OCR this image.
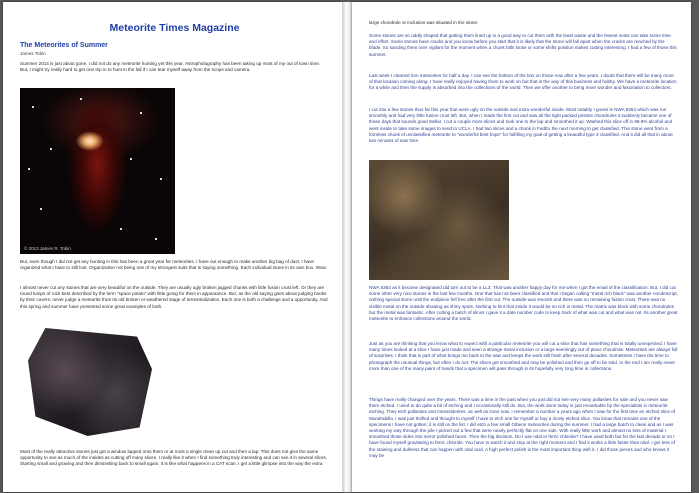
Meteorite Times Magazine
The Meteorites of Summer
James Tobin

Summer 2014 is just about gone. I did not do any meteorite hunting yet this year. Astrophotography has been taking up most of my out of town time. But, I might try really hard to get one trip in to hunt in the fall if I can tear myself away from the scope and camera.

© 2013 James R. Tobin

But, even though I did not get any hunting in this has been a great year for meteorites. I have out enough to make another big bag of dust. I have organized what I have to still lost. Organization not being one of my strongest suits that is saying something. Each individual stone in its own box. Wow.

I almost never cut any stones that are very beautiful on the outside. They are usually ugly broken jagged chunks with little fusion crust left. Or they are round lumps of rock best described by the term “space potato” with little going for them in appearance. But, as the old saying goes about judging books by their covers, never judge a meteorite from its old broken or weathered stage of terrestrialization. Each one is both a challenge and a opportunity. And this spring and summer have presented some great examples of both.

Most of the really attractive stones just get a window lapped onto them or at most a single clean up cut and then a lap. This does not give the same opportunity to see as much of the insides as cutting off many slices. I really like it when I find something truly interesting and can see it in several slices. Starting small and growing and then diminishing back to small again. It is like what happens in a CAT scan. I get a little glimpse into the way the extra

large chondrule or inclusion was situated in the stone.

Some stones are so oddly shaped that getting them lined up in a good way to cut them with the least waste and the fewest nests can take some time and effort. Some stones have cracks and you know before you start that it is likely that the stone will fall apart when the cracks are reached by the blade. So sanding them over vigilant for the moment when a chunk falls loose or some shifts position makes cutting interesting. I had a few of those this summer.

Last week I cleaned iron meteorites for half a day. I can see the bottom of the box on those now after a few years. I doubt that there will be many more of that location coming along. I have really enjoyed having them to work on but that is the way of this business and hobby. We have a meteorite location for a while and then the supply is absorbed into the collections of the world. Then we offer another to bring more wonder and fascination to collectors.

I cut into a few stones thus far this year that were ugly on the outside and extra wonderful inside. Most notably I guess is NWA 8364 which was run smoothly and had very little fusion crust left. But, when I made the first cut and saw all the tight packed pristine chondrules it suddenly became one of those days that sounds good stellar. I cut a couple more slices and took one to the lap and smoothed it up. Washed this slice off in 99.9% alcohol and went inside to take some images to send to UCLA. I had two slices and a chunk in FedEx the next morning to get classified. This stone went from a formless chunk of unclassified meteorite to “wonderful best hope” for fulfilling my goal of getting a beautiful type 3 classified. And it did all that in about two minutes of saw time.

NWA 8364 as it became designated did turn out to be a LL3. That was another happy day for me when I got the email of the classification. But, I did cut some other very nice stones in the last few months. One that has not been classified and that I began calling “metal rich black” was another nondescript, nothing special stone until the endpiece fell free after the first cut. The outside was smooth and there was no remaining fusion crust. There was no visible metal on the outside showing as shiny spots. Nothing to hint that inside it would be so rich in metal. The matrix was black with some chondrules but the metal was fantastic. After cutting a batch of slices I gave it a date number code to keep track of what was cut and what was not. Its another great meteorite to enhance collections around the world.

Just as you are thinking that you know what to expect with a particular meteorite you will cut a slice that has something that is totally unexpected. I have many times looked at a slice I have just made and seen a strange metal inclusion or a large seemingly out of place chondrule. Meteorites are always full of surprises. I think that is part of what brings me back to the saw and keeps the work still fresh after several decades. Sometimes I have the time to photograph the unusual things, but often I do not. The slices get smoothed and may be polished and then go off to be sold. In the end I am really never more than one of the many pairs of hands that a specimen will pass through in its hopefully very long time in collections.

Things have really changed over the years. There was a time in the past when you just did not see very many pallasites for sale and you never saw them etched. I used to do quite a bit of etching and I occasionally still do. But, the work done today is just remarkable by the specialists in meteorite etching. They etch pallasites and mesosiderites, as well as irons now. I remember a number a years ago when I saw for the first time an etched slice of Mundrabilla. I was just thrilled and thought to myself I have to etch one for myself or buy a nicely etched slice. You know that remains one of the specimens I have not gotten; it is still on the list. I did etch a few small Gibeon meteorites during the summer. I had a large batch to clean and as I was working my way through the pile I picked out a few that were nearly perfectly flat on one side. With really little work and almost no loss of material I smoothed those sides into mirror polished faces. Then the big decision. Do I use nital or ferric chloride? I have used both but for the last decade or so I have found myself gravitating to ferric chloride. You have to watch it and stop at the right moment and I find it works a little faster than nital. I get less of the staining and dullness that can happen with nital acid. A high perfect polish is the most important thing with it. I did those pieces and who knows it may be
